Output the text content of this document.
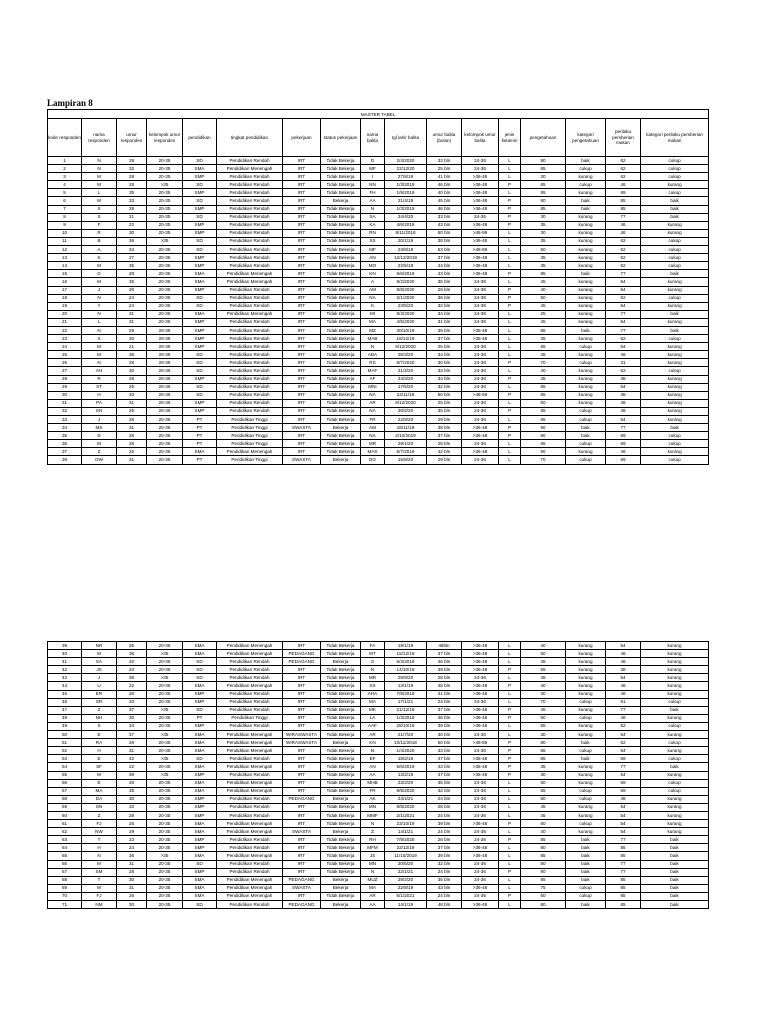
Lampiran 8
MASTER TABEL																
kode responden	nama responden	umur responden	kelompok umur responden	pendidikan	tingkat pendidikan	pekerjaan	status pekerjaan	nama balita	tgl lahir balita	umur balita (bulan)	kelompok umur balita	jenis kelamin	pengetahuan	kategori pengetahuan	perilaku pemberian makan	kategori perilaku pemberian makan
1	N	29	20-35	SD	Pendidikan Rendah	IRT	Tidak Bekerja	D	2/4/2020	33 bln	24-36	L	80	baik	62	cukup
2	N	32	20-35	SMA	Pendidikan Menengah	IRT	Tidak Bekerja	MF	22/12/20	25 bln	24-36	L	65	cukup	62	cukup
3	M	28	20-35	SMP	Pendidikan Rendah	IRT	Tidak Bekerja	I	27/8/19	41 bln	>36-48	L	30	kurang	62	cukup
4	M	28	>35	SD	Pendidikan Rendah	IRT	Tidak Bekerja	NN	1/3/2019	46 bln	>36-48	P	65	cukup	46	kurang
5	L	35	20-35	SMP	Pendidikan Rendah	IRT	Tidak Bekerja	FH	1/9/2019	40 bln	>36-48	L	55	kurang	69	cukup
6	M	33	20-35	SD	Pendidikan Rendah	IRT	Bekerja	AA	21/4/19	45 bln	>36-48	P	80	baik	85	baik
7	S	29	20-35	SMP	Pendidikan Rendah	IRT	Tidak Bekerja	N	1/3/2019	46 bln	>36-48	P	85	baik	85	baik
8	S	21	20-35	SD	Pendidikan Rendah	IRT	Tidak Bekerja	SA	24/4/20	33 bln	24-36	P	30	kurang	77	baik
9	F	22	20-35	SMP	Pendidikan Rendah	IRT	Tidak Bekerja	KA	4/6/2019	43 bln	>36-48	P	35	kurang	46	kurang
10	R	30	20-35	SMP	Pendidikan Rendah	IRT	Tidak Bekerja	RN	8/11/2018	50 bln	>48-59	L	30	kurang	46	kurang
11	B	36	>35	SD	Pendidikan Rendah	IRT	Tidak Bekerja	SS	20/1/19	38 bln	>36-48	L	35	kurang	62	cukup
12	A	34	20-35	SD	Pendidikan Rendah	IRT	Tidak Bekerja	MF	23/8/18	53 bln	>48-59	L	50	kurang	62	cukup
13	K	27	20-35	SMP	Pendidikan Rendah	IRT	Tidak Bekerja	AN	12/12/2019	37 bln	>36-48	L	35	kurang	62	cukup
14	M	35	20-35	SMP	Pendidikan Rendah	IRT	Tidak Bekerja	MO	22/5/19	44 bln	>36-48	L	35	kurang	62	cukup
15	G	28	20-35	SMA	Pendidikan Menengah	IRT	Tidak Bekerja	KN	6/6/2019	43 bln	>36-48	P	85	baik	77	baik
16	M	35	20-35	SMA	Pendidikan Menengah	IRT	Tidak Bekerja	A	9/2/2020	35 bln	24-36	L	45	kurang	54	kurang
17	J	26	20-35	SMP	Pendidikan Rendah	IRT	Tidak Bekerja	AM	8/8/2020	29 bln	24-36	P	40	kurang	54	kurang
18	N	24	20-35	SD	Pendidikan Rendah	IRT	Tidak Bekerja	NA	2/1/2020	36 bln	24-36	P	50	kurang	62	cukup
19	Y	24	20-35	SD	Pendidikan Rendah	IRT	Tidak Bekerja	K	23/5/20	32 bln	24-36	P	45	kurang	54	kurang
20	N	31	20-35	SMA	Pendidikan Menengah	IRT	Tidak Bekerja	MI	8/3/2020	34 bln	24-36	L	25	kurang	77	baik
21	L	31	20-35	SMP	Pendidikan Rendah	IRT	Tidak Bekerja	MA	4/5/2020	31 bln	24-36	L	45	kurang	54	kurang
22	N	29	20-35	SMP	Pendidikan Rendah	IRT	Tidak Bekerja	MZ	30/10/19	39 bln	>36-48	L	85	baik	77	baik
23	S	30	20-35	SMP	Pendidikan Rendah	IRT	Tidak Bekerja	MAB	18/12/19	37 bln	>36-48	L	35	kurang	62	cukup
24	M	21	20-35	SMP	Pendidikan Rendah	IRT	Tidak Bekerja	N	8/12/2020	25 bln	24-36	L	65	cukup	54	kurang
25	M	35	20-35	SD	Pendidikan Rendah	IRT	Tidak Bekerja	ABA	20/3/20	34 bln	24-36	L	45	kurang	46	kurang
26	N	28	20-35	SD	Pendidikan Rendah	IRT	Tidak Bekerja	RS	8/7/2020	30 bln	24-36	P	70	cukup	31	kurang
27	AH	30	20-35	SD	Pendidikan Rendah	IRT	Tidak Bekerja	MAF	21/4/20	33 bln	24-36	L	40	kurang	62	cukup
28	R	28	20-35	SMP	Pendidikan Rendah	IRT	Tidak Bekerja	AF	24/3/20	34 bln	24-36	P	45	kurang	38	kurang
29	ST	25	20-35	SD	Pendidikan Rendah	IRT	Tidak Bekerja	MNI	17/5/20	32 bln	24-36	L	55	kurang	54	kurang
30	H	33	20-35	SD	Pendidikan Rendah	IRT	Tidak Bekerja	NA	24/11/18	50 bln	>48-59	P	55	kurang	38	kurang
31	PA	31	20-35	SMP	Pendidikan Rendah	IRT	Tidak Bekerja	AR	8/12/2020	25 bln	24-36	L	50	kurang	46	kurang
32	SN	25	20-35	SMP	Pendidikan Rendah	IRT	Tidak Bekerja	NA	20/2/20	35 bln	24-36	P	65	cukup	46	kurang
33	J	28	20-35	PT	Pendidikan Tinggi	IRT	Tidak Bekerja	FR	22/8/20	29 bln	24-36	L	65	cukup	54	kurang
34	MS	31	20-35	PT	Pendidikan Tinggi	SWASTA	Bekerja	AM	18/11/19	38 bln	>36-48	P	90	baik	77	baik
35	D	28	20-35	PT	Pendidikan Tinggi	IRT	Tidak Bekerja	NA	2/10/2019	37 bln	>36-48	P	80	baik	69	cukup
36	M	28	20-35	PT	Pendidikan Tinggi	IRT	Tidak Bekerja	MR	29/1/20	28 bln	24-36	L	65	cukup	69	cukup
37	Z	25	20-35	SMA	Pendidikan Menengah	IRT	Tidak Bekerja	MAS	5/7/2019	42 bln	>36-48	L	50	kurang	46	kurang
38	OW	31	20-35	PT	Pendidikan Tinggi	SWASTA	Bekerja	DG	15/8/20	29 bln	24-36	L	70	cukup	69	cukup
39	NR	25	20-35	SMA	Pendidikan Menengah	IRT	Tidak Bekerja	FA	19/1/19	48bln	>36-48	L	40	kurang	54	kurang
40	M	36	>35	SMA	Pendidikan Menengah	PEDAGANG	Tidak Bekerja	MT	15/12/19	37 bln	>36-48	L	50	kurang	46	kurang
41	SA	32	20-35	SD	Pendidikan Rendah	PEDAGANG	Bekerja	S	6/3/2019	46 bln	>36-48	L	45	kurang	46	kurang
42	JS	23	20-35	SD	Pendidikan Rendah	IRT	Tidak Bekerja	N	14/10/19	39 bln	>36-48	P	55	kurang	38	kurang
43	J	38	>35	SD	Pendidikan Rendah	IRT	Tidak Bekerja	MR	28/9/20	28 bln	24-36	L	45	kurang	54	kurang
44	U	22	20-35	SMA	Pendidikan Menengah	IRT	Tidak Bekerja	SS	13/1/19	48 bln	>36-48	P	40	kurang	46	kurang
45	ER	26	20-35	SMP	Pendidikan Rendah	IRT	Tidak Bekerja	AHA	7/8/2019	41 bln	>36-48	L	30	kurang	46	kurang
46	SR	33	20-35	SMP	Pendidikan Rendah	IRT	Tidak Bekerja	MA	17/1/21	24 bln	24-36	L	70	cukup	61	cukup
47	Z	37	>35	SD	Pendidikan Rendah	IRT	Tidak Bekerja	MK	21/12/19	37 bln	>36-48	P	45	kurang	77	baik
48	NH	30	20-35	PT	Pendidikan Tinggi	IRT	Tidak Bekerja	LA	1/3/2019	46 bln	>36-48	P	60	cukup	46	kurang
49	S	34	20-35	SMP	Pendidikan Rendah	IRT	Tidak Bekerja	AAF	28/10/19	39 bln	>36-48	L	55	kurang	62	cukup
50	E	37	>35	SMA	Pendidikan Menengah	WIRASWASTA	Tidak Bekerja	AR	21/7/20	30 bln	24-36	L	30	kurang	54	kurang
51	RA	26	20-35	SMA	Pendidikan Menengah	WIRASWASTA	Bekerja	KN	10/11/2018	50 bln	>48-59	P	80	baik	62	cukup
52	H	31	20-35	SMA	Pendidikan Menengah	IRT	Tidak Bekerja	N	1/4/2020	33 bln	24-36	P	65	cukup	54	kurang
53	E	42	>35	SD	Pendidikan Rendah	IRT	Tidak Bekerja	EF	18/2/19	47 bln	>36-48	P	85	baik	69	cukup
54	SF	22	20-35	SMA	Pendidikan Menengah	IRT	Tidak Bekerja	AN	5/6/2019	43 bln	>36-48	P	35	kurang	77	baik
55	M	39	>35	SMP	Pendidikan Rendah	IRT	Tidak Bekerja	AA	13/2/19	47 bln	>36-48	P	30	kurang	54	kurang
56	E	26	20-35	SMA	Pendidikan Menengah	IRT	Tidak Bekerja	MHB	23/2/20	35 bln	24-36	L	50	kurang	69	cukup
57	MA	35	20-35	SMA	Pendidikan Menengah	IRT	Tidak Bekerja	FR	9/5/2020	32 bln	24-36	L	65	cukup	69	cukup
58	DA	30	20-35	SMP	Pendidikan Rendah	PEDAGANG	Bekerja	AK	24/1/21	24 bln	24-36	L	60	cukup	46	kurang
59	SN	33	20-35	SMP	Pendidikan Rendah	IRT	Tidak Bekerja	MN	8/8/2020	28 bln	24-36	L	45	kurang	54	kurang
60	Z	28	20-35	SMP	Pendidikan Rendah	IRT	Tidak Bekerja	MMF	2/1/2021	24 bln	24-36	L	45	kurang	54	kurang
61	FJ	26	20-35	SMA	Pendidikan Menengah	IRT	Tidak Bekerja	N	23/10/19	39 bln	>36-48	P	60	cukup	54	kurang
62	NW	29	20-35	SMA	Pendidikan Menengah	SWASTA	Bekerja	Z	14/1/21	24 bln	24-36	L	40	kurang	54	kurang
63	T	23	20-35	SMP	Pendidikan Rendah	IRT	Tidak Bekerja	RH	7/9/2020	28 bln	24-36	P	85	baik	77	baik
64	H	24	20-35	SMP	Pendidikan Rendah	IRT	Tidak Bekerja	MFM	22/12/19	37 bln	>36-48	L	80	baik	85	baik
65	N	36	>35	SMA	Pendidikan Menengah	IRT	Tidak Bekerja	JS	11/10/2019	39 bln	>36-48	L	85	baik	85	baik
66	M	31	20-35	SD	Pendidikan Rendah	IRT	Tidak Bekerja	MN	20/5/20	32 bln	24-36	L	80	baik	77	baik
67	SM	28	20-35	SMP	Pendidikan Rendah	IRT	Tidak Bekerja	N	22/1/21	24 bln	24-36	P	90	baik	77	baik
68	T	30	20-35	SMA	Pendidikan Menengah	PEDAGANG	Bekerja	MUZ	29/2/20	35 bln	24-36	L	85	baik	85	baik
69	M	31	20-35	SMA	Pendidikan Menengah	SWASTA	Bekerja	MA	22/8/19	43 bln	>36-48	L	75	cukup	85	baik
70	FJ	26	20-35	SMA	Pendidikan Menengah	IRT	Tidak Bekerja	AR	6/1/2021	24 bln	24-36	P	60	cukup	85	baik
71	NM	30	20-35	SD	Pendidikan Rendah	PEDAGANG	Bekerja	AA	14/1/19	48 bln	>36-48	L	80	baik	85	baik
